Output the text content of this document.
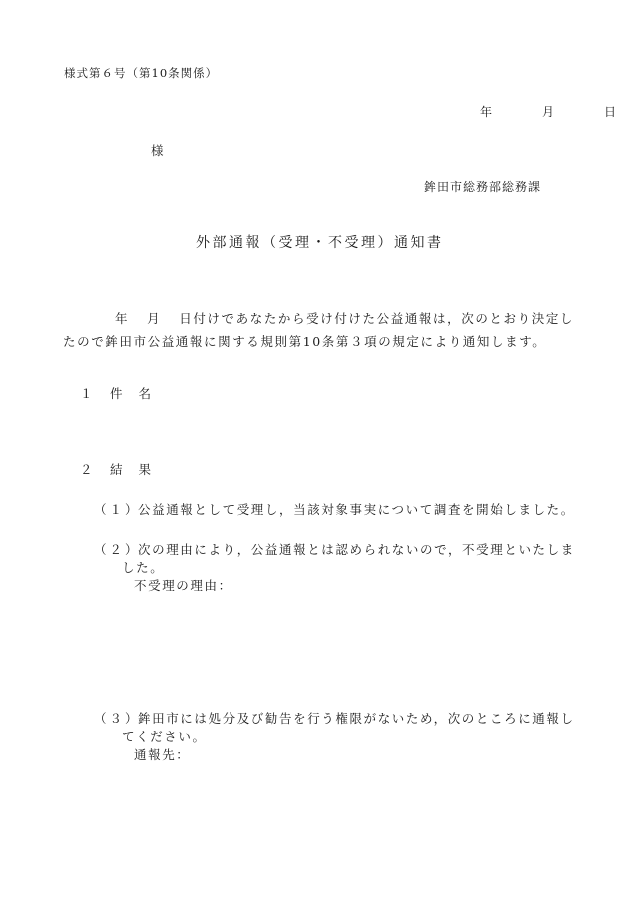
様式第６号（第10条関係）
年	月	日
様
鉾田市総務部総務課
外部通報（受理・不受理）通知書
年 月 日付けであなたから受け付けた公益通報は，次のとおり決定し
たので鉾田市公益通報に関する規則第10条第３項の規定により通知します。
１ 件 名
２ 結 果
（１）公益通報として受理し，当該対象事実について調査を開始しました。
（２）次の理由により，公益通報とは認められないので，不受理といたしま
した。
不受理の理由：
（３）鉾田市には処分及び勧告を行う権限がないため，次のところに通報し
てください。
通報先：
